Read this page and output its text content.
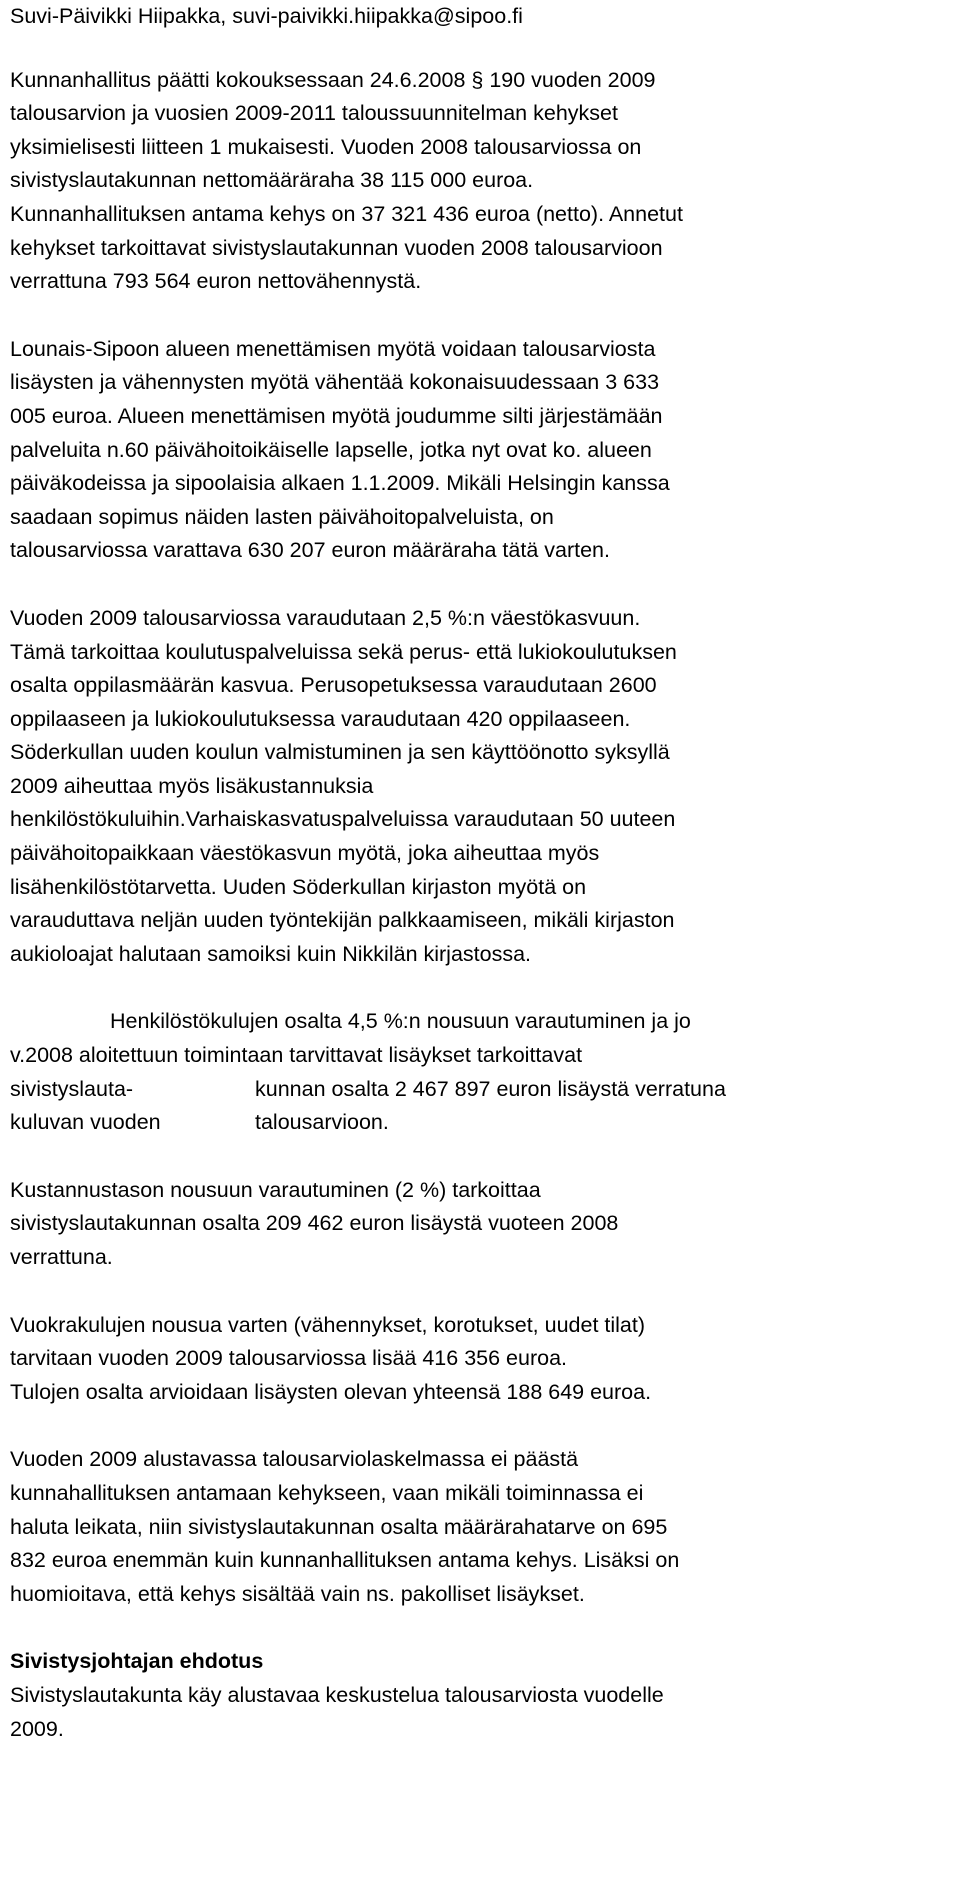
Suvi-Päivikki Hiipakka, suvi-paivikki.hiipakka@sipoo.fi
Kunnanhallitus päätti kokouksessaan 24.6.2008 § 190 vuoden 2009
talousarvion ja vuosien 2009-2011 taloussuunnitelman kehykset
yksimielisesti liitteen 1 mukaisesti. Vuoden 2008 talousarviossa on
sivistyslautakunnan nettomääräraha 38 115 000 euroa.
Kunnanhallituksen antama kehys on 37 321 436 euroa (netto). Annetut
kehykset tarkoittavat sivistyslautakunnan vuoden 2008 talousarvioon
verrattuna 793 564 euron nettovähennystä.
Lounais-Sipoon alueen menettämisen myötä voidaan talousarviosta
lisäysten ja vähennysten myötä vähentää kokonaisuudessaan 3 633
005 euroa. Alueen menettämisen myötä joudumme silti järjestämään
palveluita n.60 päivähoitoikäiselle lapselle, jotka nyt ovat ko. alueen
päiväkodeissa ja sipoolaisia alkaen 1.1.2009. Mikäli Helsingin kanssa
saadaan sopimus näiden lasten päivähoitopalveluista, on
talousarviossa varattava 630 207 euron määräraha tätä varten.
Vuoden 2009 talousarviossa varaudutaan 2,5 %:n väestökasvuun.
Tämä tarkoittaa koulutuspalveluissa sekä perus- että lukiokoulutuksen
osalta oppilasmäärän kasvua. Perusopetuksessa varaudutaan 2600
oppilaaseen ja lukiokoulutuksessa varaudutaan 420 oppilaaseen.
Söderkullan uuden koulun valmistuminen ja sen käyttöönotto syksyllä
2009 aiheuttaa myös lisäkustannuksia
henkilöstökuluihin.Varhaiskasvatuspalveluissa varaudutaan 50 uuteen
päivähoitopaikkaan väestökasvun myötä, joka aiheuttaa myös
lisähenkilöstötarvetta. Uuden Söderkullan kirjaston myötä on
varauduttava neljän uuden työntekijän palkkaamiseen, mikäli kirjaston
aukioloajat halutaan samoiksi kuin Nikkilän kirjastossa.
Henkilöstökulujen osalta 4,5 %:n nousuun varautuminen ja jo
v.2008 aloitettuun toimintaan tarvittavat lisäykset tarkoittavat
sivistyslauta-	kunnan osalta 2 467 897 euron lisäystä verratuna
kuluvan vuoden	talousarvioon.
Kustannustason nousuun varautuminen (2 %) tarkoittaa
sivistyslautakunnan osalta 209 462 euron lisäystä vuoteen 2008
verrattuna.
Vuokrakulujen nousua varten (vähennykset, korotukset, uudet tilat)
tarvitaan vuoden 2009 talousarviossa lisää 416 356 euroa.
Tulojen osalta arvioidaan lisäysten olevan yhteensä 188 649 euroa.
Vuoden 2009 alustavassa talousarviolaskelmassa ei päästä
kunnahallituksen antamaan kehykseen, vaan mikäli toiminnassa ei
haluta leikata, niin sivistyslautakunnan osalta määrärahatarve on 695
832 euroa enemmän kuin kunnanhallituksen antama kehys. Lisäksi on
huomioitava, että kehys sisältää vain ns. pakolliset lisäykset.
Sivistysjohtajan ehdotus
Sivistyslautakunta käy alustavaa keskustelua talousarviosta vuodelle
2009.
